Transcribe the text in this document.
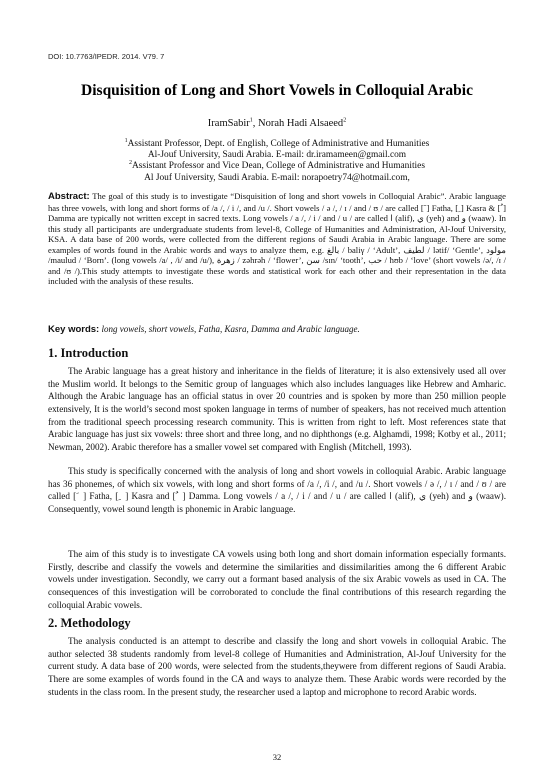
DOI: 10.7763/IPEDR. 2014. V79. 7
Disquisition of Long and Short Vowels in Colloquial Arabic
IramSabir$^1$, Norah Hadi Alsaeed$^2$
$^1$Assistant Professor, Dept. of English, College of Administrative and Humanities
Al-Jouf University, Saudi Arabia. E-mail: dr.iramameen@gmail.com
$^2$Assistant Professor and Vice Dean, College of Administrative and Humanities
Al Jouf University, Saudi Arabia. E-mail: norapoetry74@hotmail.com,
Abstract: The goal of this study is to investigate “Disquisition of long and short vowels in Colloquial Arabic”. Arabic language has three vowels, with long and short forms of /a /, / i /, and /u /. Short vowels / ə /, / ɪ / and / ʊ / are called [ َ] Fatha, [ ِ] Kasra & [ ُ] Damma are typically not written except in sacred texts. Long vowels / a /, / i / and / u / are called ا (alif), ي (yeh) and و (waaw). In this study all participants are undergraduate students from level-8, College of Humanities and Administration, Al-Jouf University, KSA. A data base of 200 words, were collected from the different regions of Saudi Arabia in Arabic language. There are some examples of words found in the Arabic words and ways to analyze them, e.g. بالغ / baliγ / ‘Adult’, لطيف / lətif/ ‘Gentle’, مولود /maulud / ‘Born’. (long vowels /a/ , /i/ and /u/), زهرة / zəhrəh / ‘flower’, سن /sɪn/ ‘tooth’, حب / ħʊb / ‘love’ (short vowels /ə/, /ɪ / and /ʊ /).This study attempts to investigate these words and statistical work for each other and their representation in the data included with the analysis of these results.
Key words: long vowels, short vowels, Fatha, Kasra, Damma and Arabic language.
1. Introduction

The Arabic language has a great history and inheritance in the fields of literature; it is also extensively used all over the Muslim world. It belongs to the Semitic group of languages which also includes languages like Hebrew and Amharic. Although the Arabic language has an official status in over 20 countries and is spoken by more than 250 million people extensively, It is the world’s second most spoken language in terms of number of speakers, has not received much attention from the traditional speech processing research community. This is written from right to left. Most references state that Arabic language has just six vowels: three short and three long, and no diphthongs (e.g. Alghamdi, 1998; Kotby et al., 2011; Newman, 2002). Arabic therefore has a smaller vowel set compared with English (Mitchell, 1993).

This study is specifically concerned with the analysis of long and short vowels in colloquial Arabic. Arabic language has 36 phonemes, of which six vowels, with long and short forms of /a /, /i /, and /u /. Short vowels / ə /, / ɪ / and / ʊ / are called [ َ ] Fatha, [ ِ ] Kasra and [ ُ ] Damma. Long vowels / a /, / i / and / u / are called ا (alif), ي (yeh) and و (waaw). Consequently, vowel sound length is phonemic in Arabic language.

The aim of this study is to investigate CA vowels using both long and short domain information especially formants. Firstly, describe and classify the vowels and determine the similarities and dissimilarities among the 6 different Arabic vowels under investigation. Secondly, we carry out a formant based analysis of the six Arabic vowels as used in CA. The consequences of this investigation will be corroborated to conclude the final contributions of this research regarding the colloquial Arabic vowels.

2. Methodology

The analysis conducted is an attempt to describe and classify the long and short vowels in colloquial Arabic. The author selected 38 students randomly from level-8 college of Humanities and Administration, Al-Jouf University for the current study. A data base of 200 words, were selected from the students,theywere from different regions of Saudi Arabia. There are some examples of words found in the CA and ways to analyze them. These Arabic words were recorded by the students in the class room. In the present study, the researcher used a laptop and microphone to record Arabic words.

32
